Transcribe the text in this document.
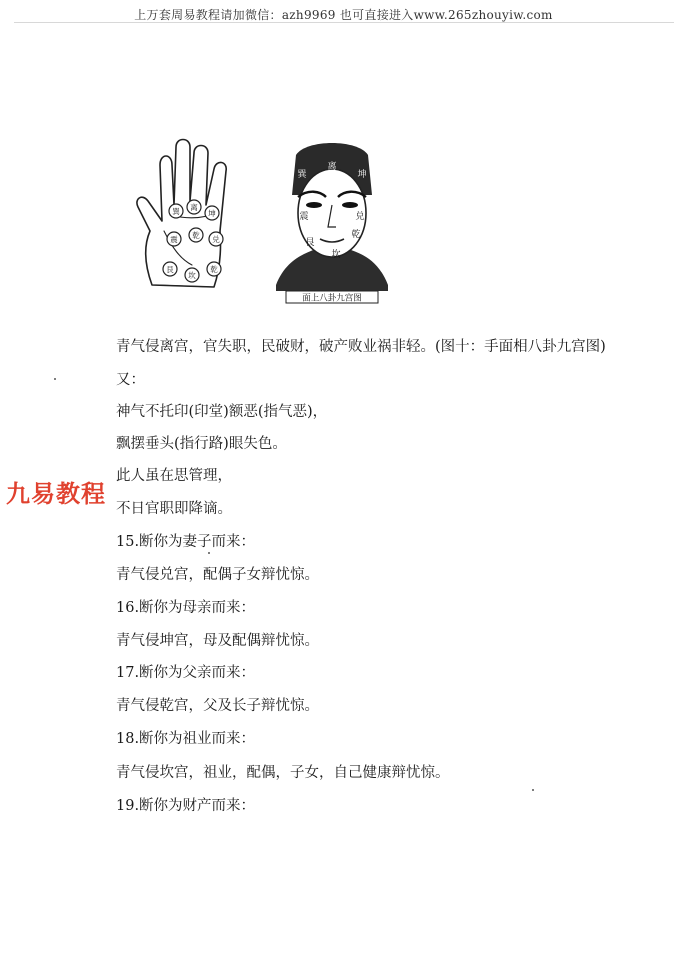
上万套周易教程请加微信：azh9969 也可直接进入www.265zhouyiw.com
巽 离
坤
震 乾 兑
艮
坎
乾
离
巽	坤
震	兑
艮
乾
坎
面上八卦九宫图
青气侵离宫，官失职，民破财，破产败业祸非轻。(图十：手面相八卦九宫图)
又：
神气不托印(印堂)额恶(指气恶)，
飘摆垂头(指行路)眼失色。
此人虽在思管理，
不日官职即降谪。
15.断你为妻子而来：
青气侵兑宫，配偶子女辩忧惊。
16.断你为母亲而来：
青气侵坤宫，母及配偶辩忧惊。
17.断你为父亲而来：
青气侵乾宫，父及长子辩忧惊。
18.断你为祖业而来：
青气侵坎宫，祖业，配偶，子女，自己健康辩忧惊。
19.断你为财产而来：
九易教程
